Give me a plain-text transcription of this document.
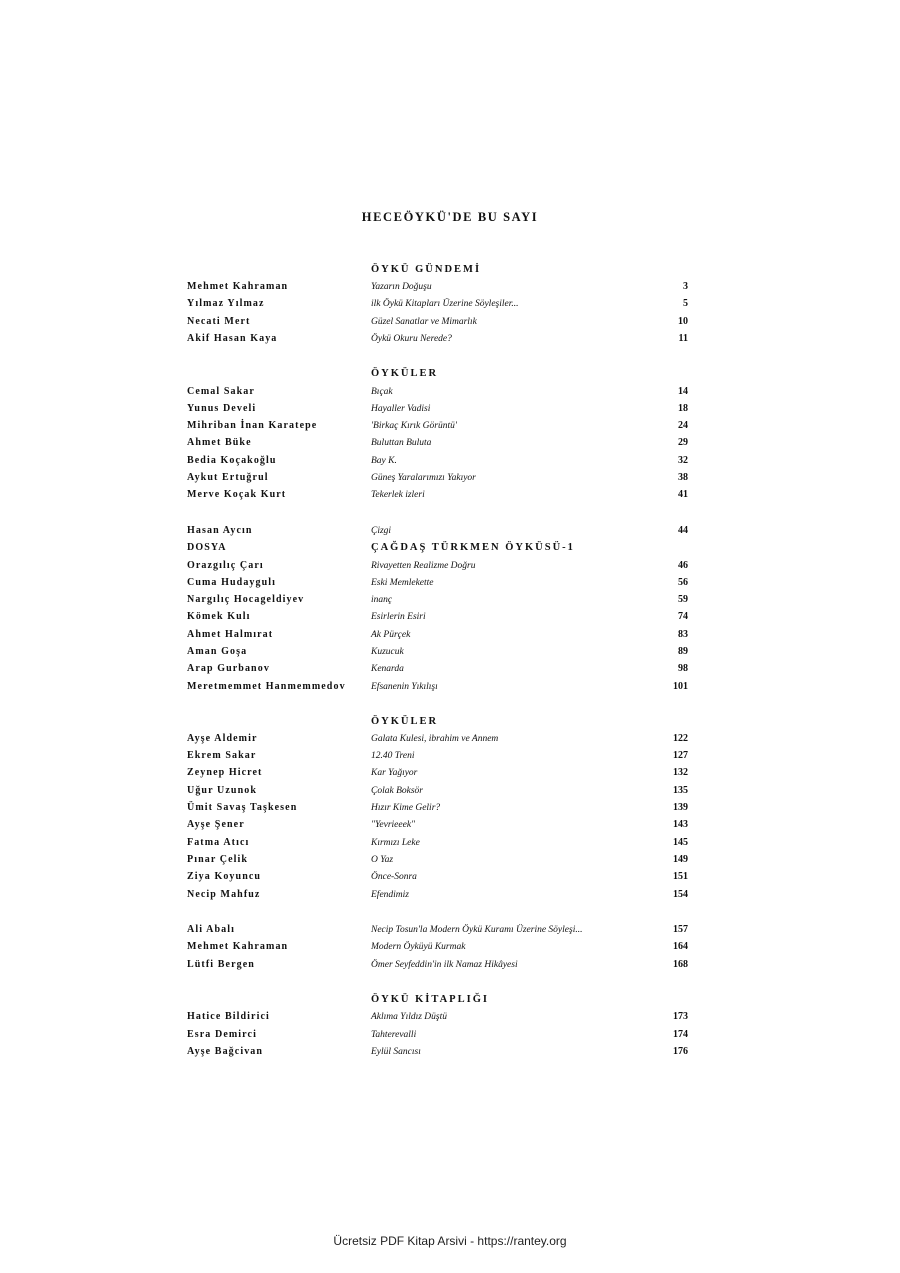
HECEÖYKÜ'DE BU SAYI
ÖYKÜ GÜNDEMİ
Mehmet Kahraman	Yazarın Doğuşu	3
Yılmaz Yılmaz	ilk Öykü Kitapları Üzerine Söyleşiler...	5
Necati Mert	Güzel Sanatlar ve Mimarlık	10
Akif Hasan Kaya	Öykü Okuru Nerede?	11
ÖYKÜLER
Cemal Sakar	Bıçak	14
Yunus Develi	Hayaller Vadisi	18
Mihriban İnan Karatepe	'Birkaç Kırık Görüntü'	24
Ahmet Büke	Buluttan Buluta	29
Bedia Koçakoğlu	Bay K.	32
Aykut Ertuğrul	Güneş Yaralarımızı Yakıyor	38
Merve Koçak Kurt	Tekerlek izleri	41
Hasan Aycın	Çizgi	44
DOSYA	ÇAĞDAŞ TÜRKMEN ÖYKÜSÜ-1
Orazgılıç Çarı	Rivayetten Realizme Doğru	46
Cuma Hudaygulı	Eski Memlekette	56
Nargılıç Hocageldiyev	inanç	59
Kömek Kulı	Esirlerin Esiri	74
Ahmet Halmırat	Ak Pürçek	83
Aman Goşa	Kuzucuk	89
Arap Gurbanov	Kenarda	98
Meretmemmet Hanmemmedov	Efsanenin Yıkılışı	101
ÖYKÜLER
Ayşe Aldemir	Galata Kulesi, ibrahim ve Annem	122
Ekrem Sakar	12.40 Treni	127
Zeynep Hicret	Kar Yağıyor	132
Uğur Uzunok	Çolak Boksör	135
Ümit Savaş Taşkesen	Hızır Kime Gelir?	139
Ayşe Şener	"Yevrieeek"	143
Fatma Atıcı	Kırmızı Leke	145
Pınar Çelik	O Yaz	149
Ziya Koyuncu	Önce-Sonra	151
Necip Mahfuz	Efendimiz	154
Ali Abalı	Necip Tosun'la Modern Öykü Kuramı Üzerine Söyleşi...	157
Mehmet Kahraman	Modern Öyküyü Kurmak	164
Lütfi Bergen	Ömer Seyfeddin'in ilk Namaz Hikâyesi	168
ÖYKÜ KİTAPLIĞI
Hatice Bildirici	Aklıma Yıldız Düştü	173
Esra Demirci	Tahterevalli	174
Ayşe Bağcivan	Eylül Sancısı	176
Ücretsiz PDF Kitap Arsivi - https://rantey.org
